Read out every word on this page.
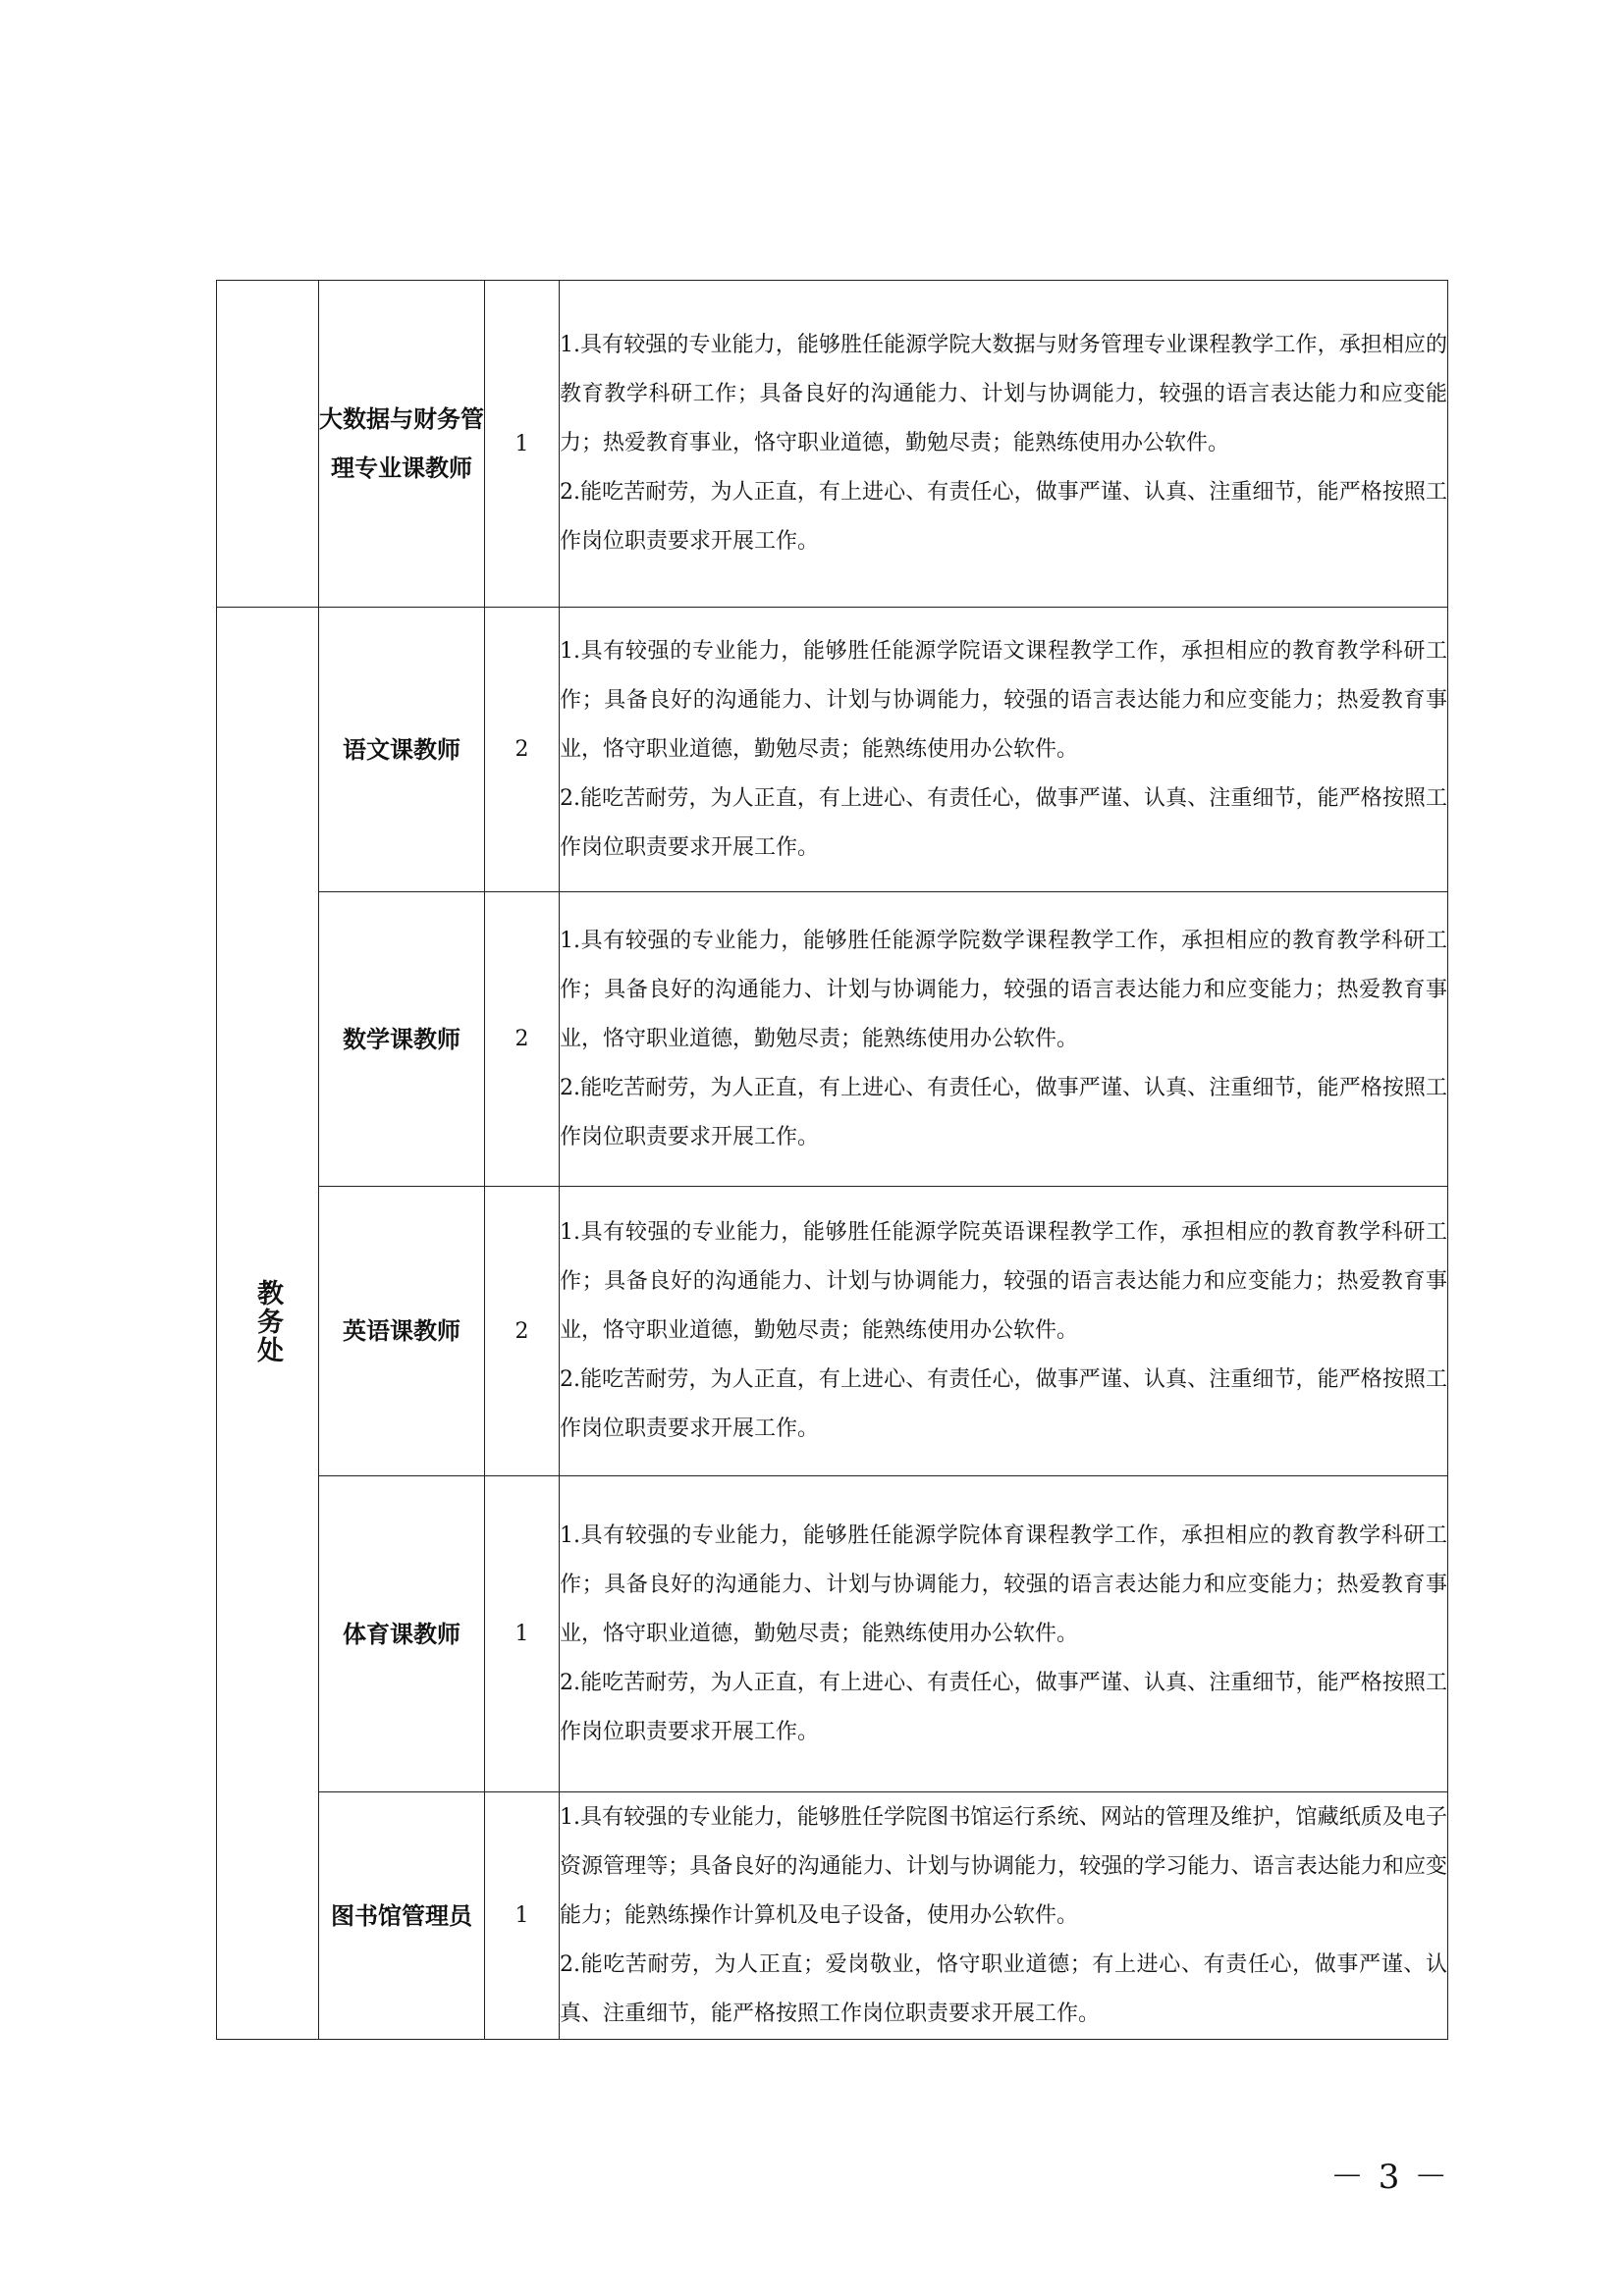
	大数据与财务管理专业课教师	1	1.具有较强的专业能力，能够胜任能源学院大数据与财务管理专业课程教学工作，承担相应的教育教学科研工作；具备良好的沟通能力、计划与协调能力，较强的语言表达能力和应变能力；热爱教育事业，恪守职业道德，勤勉尽责；能熟练使用办公软件。

2.能吃苦耐劳，为人正直，有上进心、有责任心，做事严谨、认真、注重细节，能严格按照工作岗位职责要求开展工作。

教务处	语文课教师	2	1.具有较强的专业能力，能够胜任能源学院语文课程教学工作，承担相应的教育教学科研工作；具备良好的沟通能力、计划与协调能力，较强的语言表达能力和应变能力；热爱教育事业，恪守职业道德，勤勉尽责；能熟练使用办公软件。

2.能吃苦耐劳，为人正直，有上进心、有责任心，做事严谨、认真、注重细节，能严格按照工作岗位职责要求开展工作。

	数学课教师	2	1.具有较强的专业能力，能够胜任能源学院数学课程教学工作，承担相应的教育教学科研工作；具备良好的沟通能力、计划与协调能力，较强的语言表达能力和应变能力；热爱教育事业，恪守职业道德，勤勉尽责；能熟练使用办公软件。

2.能吃苦耐劳，为人正直，有上进心、有责任心，做事严谨、认真、注重细节，能严格按照工作岗位职责要求开展工作。

	英语课教师	2	1.具有较强的专业能力，能够胜任能源学院英语课程教学工作，承担相应的教育教学科研工作；具备良好的沟通能力、计划与协调能力，较强的语言表达能力和应变能力；热爱教育事业，恪守职业道德，勤勉尽责；能熟练使用办公软件。

2.能吃苦耐劳，为人正直，有上进心、有责任心，做事严谨、认真、注重细节，能严格按照工作岗位职责要求开展工作。

	体育课教师	1	1.具有较强的专业能力，能够胜任能源学院体育课程教学工作，承担相应的教育教学科研工作；具备良好的沟通能力、计划与协调能力，较强的语言表达能力和应变能力；热爱教育事业，恪守职业道德，勤勉尽责；能熟练使用办公软件。

2.能吃苦耐劳，为人正直，有上进心、有责任心，做事严谨、认真、注重细节，能严格按照工作岗位职责要求开展工作。

	图书馆管理员	1	1.具有较强的专业能力，能够胜任学院图书馆运行系统、网站的管理及维护，馆藏纸质及电子资源管理等；具备良好的沟通能力、计划与协调能力，较强的学习能力、语言表达能力和应变能力；能熟练操作计算机及电子设备，使用办公软件。

2.能吃苦耐劳，为人正直；爱岗敬业，恪守职业道德；有上进心、有责任心，做事严谨、认真、注重细节，能严格按照工作岗位职责要求开展工作。

－ 3 －
